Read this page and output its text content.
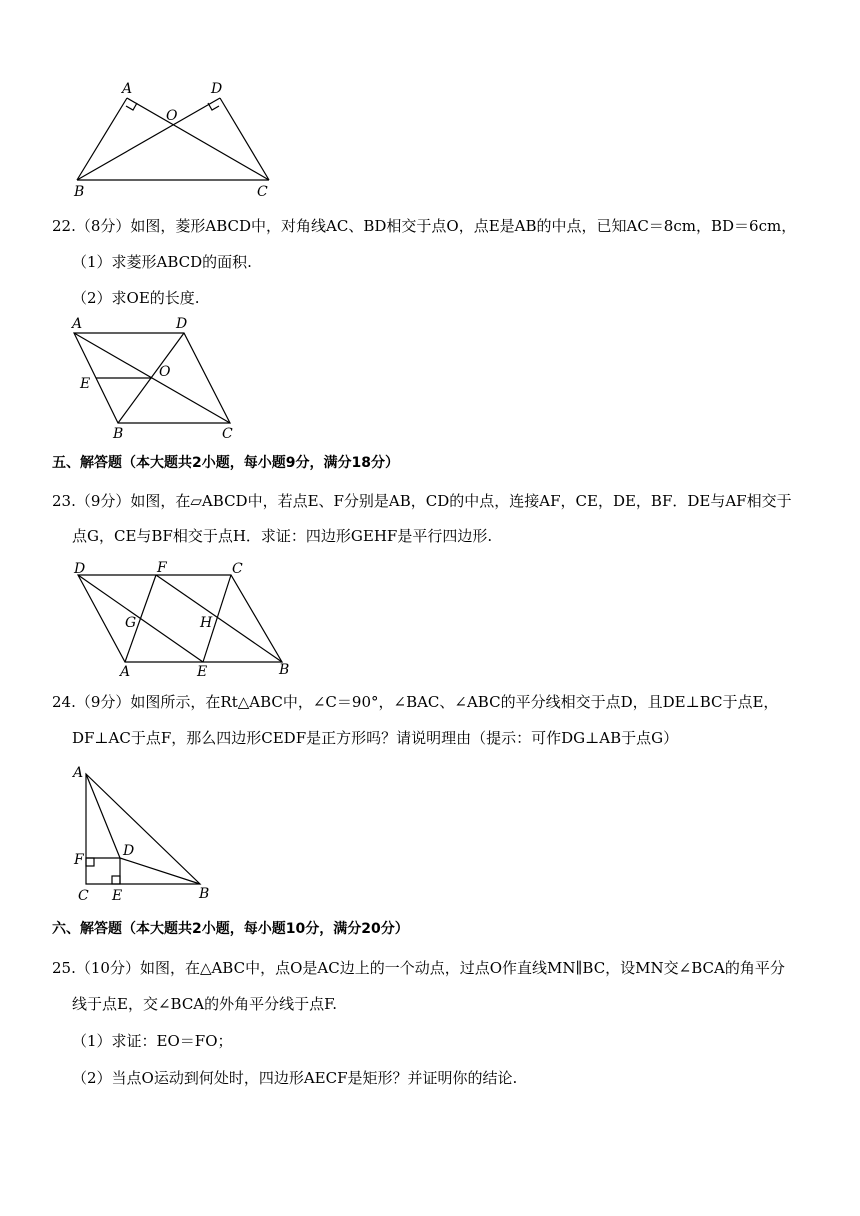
A	D
O
B	C
22.（8分）如图，菱形ABCD中，对角线AC、BD相交于点O，点E是AB的中点，已知AC＝8cm，BD＝6cm，
（1）求菱形ABCD的面积.
（2）求OE的长度.
A	D
E
O
B	C
五、解答题（本大题共2小题，每小题9分，满分18分）
23.（9分）如图，在▱ABCD中，若点E、F分别是AB，CD的中点，连接AF，CE，DE，BF．DE与AF相交于
点G，CE与BF相交于点H．求证：四边形GEHF是平行四边形.
D	F	C
G	H
A	E	B
24.（9分）如图所示，在Rt△ABC中，∠C＝90°，∠BAC、∠ABC的平分线相交于点D，且DE⊥BC于点E，
DF⊥AC于点F，那么四边形CEDF是正方形吗？请说明理由（提示：可作DG⊥AB于点G）
A
F
D
C E	B
六、解答题（本大题共2小题，每小题10分，满分20分）
25.（10分）如图，在△ABC中，点O是AC边上的一个动点，过点O作直线MN∥BC，设MN交∠BCA的角平分
线于点E，交∠BCA的外角平分线于点F.
（1）求证：EO＝FO；
（2）当点O运动到何处时，四边形AECF是矩形？并证明你的结论.
